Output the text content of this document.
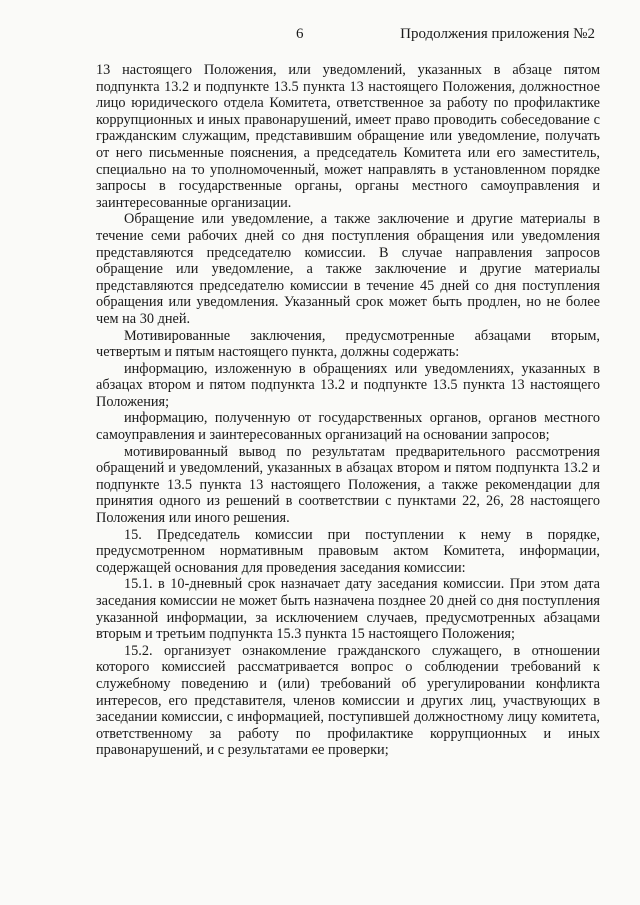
6	Продолжения приложения №2

13 настоящего Положения, или уведомлений, указанных в абзаце пятом подпункта 13.2 и подпункте 13.5 пункта 13 настоящего Положения, должностное лицо юридического отдела Комитета, ответственное за работу по профилактике коррупционных и иных правонарушений, имеет право проводить собеседование с гражданским служащим, представившим обращение или уведомление, получать от него письменные пояснения, а председатель Комитета или его заместитель, специально на то уполномоченный, может направлять в установленном порядке запросы в государственные органы, органы местного самоуправления и заинтересованные организации.

Обращение или уведомление, а также заключение и другие материалы в течение семи рабочих дней со дня поступления обращения или уведомления представляются председателю комиссии. В случае направления запросов обращение или уведомление, а также заключение и другие материалы представляются председателю комиссии в течение 45 дней со дня поступления обращения или уведомления. Указанный срок может быть продлен, но не более чем на 30 дней.

Мотивированные заключения, предусмотренные абзацами вторым, четвертым и пятым настоящего пункта, должны содержать:

информацию, изложенную в обращениях или уведомлениях, указанных в абзацах втором и пятом подпункта 13.2 и подпункте 13.5 пункта 13 настоящего Положения;

информацию, полученную от государственных органов, органов местного самоуправления и заинтересованных организаций на основании запросов;

мотивированный вывод по результатам предварительного рассмотрения обращений и уведомлений, указанных в абзацах втором и пятом подпункта 13.2 и подпункте 13.5 пункта 13 настоящего Положения, а также рекомендации для принятия одного из решений в соответствии с пунктами 22, 26, 28 настоящего Положения или иного решения.

15. Председатель комиссии при поступлении к нему в порядке, предусмотренном нормативным правовым актом Комитета, информации, содержащей основания для проведения заседания комиссии:

15.1. в 10-дневный срок назначает дату заседания комиссии. При этом дата заседания комиссии не может быть назначена позднее 20 дней со дня поступления указанной информации, за исключением случаев, предусмотренных абзацами вторым и третьим подпункта 15.3 пункта 15 настоящего Положения;

15.2. организует ознакомление гражданского служащего, в отношении которого комиссией рассматривается вопрос о соблюдении требований к служебному поведению и (или) требований об урегулировании конфликта интересов, его представителя, членов комиссии и других лиц, участвующих в заседании комиссии, с информацией, поступившей должностному лицу комитета, ответственному за работу по профилактике коррупционных и иных правонарушений, и с результатами ее проверки;
